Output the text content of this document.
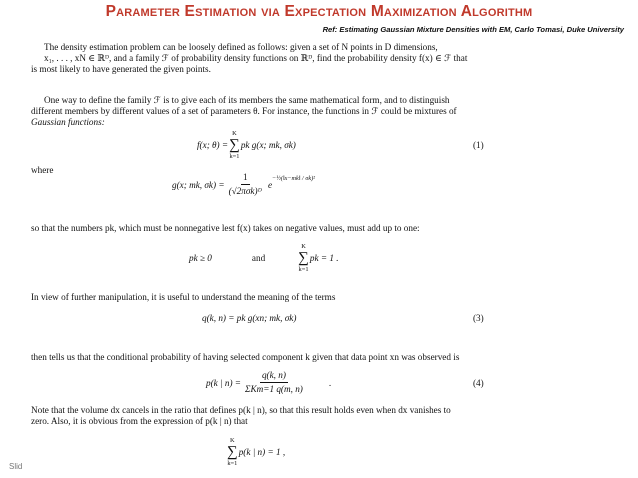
Parameter Estimation via Expectation Maximization Algorithm
Ref: Estimating Gaussian Mixture Densities with EM, Carlo Tomasi, Duke University
The density estimation problem can be loosely defined as follows: given a set of N points in D dimensions,
x₁, . . . , xN ∈ ℝᴰ, and a family ℱ of probability density functions on ℝᴰ, find the probability density f(x) ∈ ℱ that
is most likely to have generated the given points.
One way to define the family ℱ is to give each of its members the same mathematical form, and to distinguish
different members by different values of a set of parameters θ. For instance, the functions in ℱ could be mixtures of
Gaussian functions:
f(x; θ) =
K
∑
k=1
pk g(x; mk, σk)	(1)
where
g(x; mk, $\sigma k) = \frac{1}{\text{(√2πσk)ᴰ}}$ e
−½(‖x−mk‖ / σk)²
so that the numbers pk, which must be nonnegative lest f(x) takes on negative values, must add up to one:
pk ≥ 0	and
K
∑
k=1
pk = 1 .
In view of further manipulation, it is useful to understand the meaning of the terms
q(k, n) = pk g(xn; mk, σk)	(3)
then tells us that the conditional probability of having selected component k given that data point xn was observed is
p(k | $n) = \frac{q(k, n)}{\text{ΣKm=1 q(m, n)}}$	.	(4)
Note that the volume dx cancels in the ratio that defines p(k | n), so that this result holds even when dx vanishes to
zero. Also, it is obvious from the expression of p(k | n) that
K
∑
k=1
p(k | n) = 1 ,
Slid
